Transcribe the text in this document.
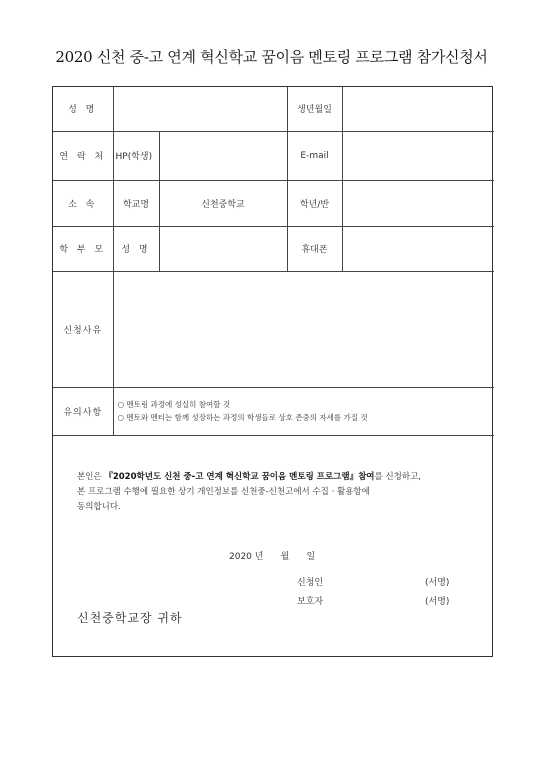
2020 신천 중-고 연계 혁신학교 꿈이음 멘토링 프로그램 참가신청서
성 명			생년월일	
연 락 처	HP(학생)		E-mail	
소 속	학교명	신천중학교	학년/반	
학 부 모	성 명		휴대폰	
신청사유				
유의사항	○ 멘토링 과정에 성실히 참여할 것
○ 멘토와 멘티는 함께 성장하는 과정의 학생들로 상호 존중의 자세를 가질 것			
본인은 『2020학년도 신천 중-고 연계 혁신학교 꿈이음 멘토링 프로그램』참여를 신청하고,
본 프로그램 수행에 필요한 상기 개인정보를 신천중-신천고에서 수집 · 활용함에
동의합니다.
2020 년      월      일
신청인	(서명)
보호자	(서명)
신천중학교장 귀하
